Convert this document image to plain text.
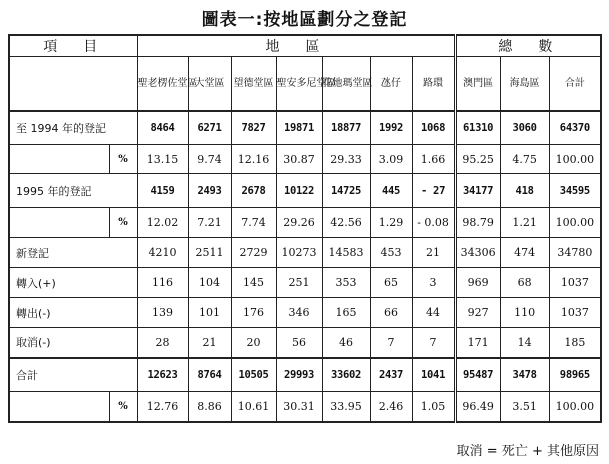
圖表一:按地區劃分之登記
項　目		地　區							總　數		
		聖老楞佐堂區	大堂區	望德堂區	聖安多尼堂區	花地瑪堂區	氹仔	路環	澳門區	海島區	合計
至 1994 年的登記		8464	6271	7827	19871	18877	1992	1068	61310	3060	64370
	%	13.15	9.74	12.16	30.87	29.33	3.09	1.66	95.25	4.75	100.00
1995 年的登記		4159	2493	2678	10122	14725	445	- 27	34177	418	34595
	%	12.02	7.21	7.74	29.26	42.56	1.29	- 0.08	98.79	1.21	100.00
新登記		4210	2511	2729	10273	14583	453	21	34306	474	34780
轉入(+)		116	104	145	251	353	65	3	969	68	1037
轉出(-)		139	101	176	346	165	66	44	927	110	1037
取消(-)		28	21	20	56	46	7	7	171	14	185
合計		12623	8764	10505	29993	33602	2437	1041	95487	3478	98965
	%	12.76	8.86	10.61	30.31	33.95	2.46	1.05	96.49	3.51	100.00
取消 = 死亡 + 其他原因
